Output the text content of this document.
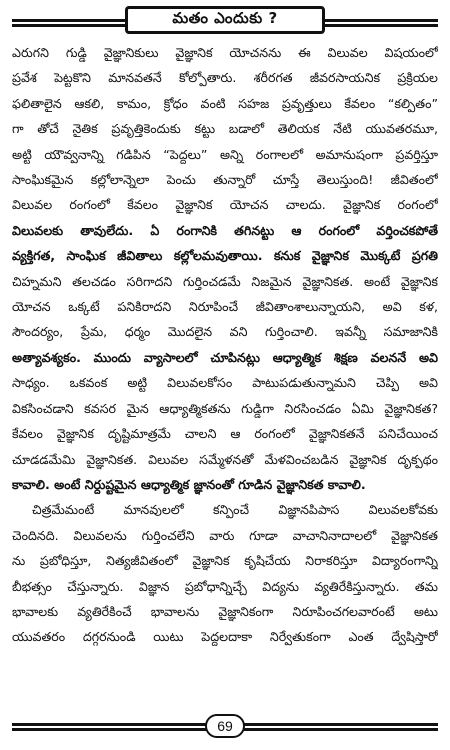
మతం ఎందుకు ?
ఎరుగని గుడ్డి వైజ్ఞానికులు వైజ్ఞానిక యోచనను ఈ విలువల విషయంలో
ప్రవేశ పెట్టకొని మానవతనే కోల్పోతారు. శరీరగత జీవరసాయనిక ప్రక్రియల
ఫలితాలైన ఆకలి, కామం, క్రోధం వంటి సహజ ప్రవృత్తులు కేవలం “కల్పితం”
గా తోచే నైతిక ప్రవృత్తికెందుకు కట్టు బడాలో తెలియక నేటి యువతరమూ,
అట్టి యౌవ్వనాన్ని గడిపిన “పెద్దలు” అన్ని రంగాలలో అమానుషంగా ప్రవర్తిస్తూ
సాంఘికమైన కల్లోలాన్నెలా పెంచు తున్నారో చూస్తే తెలుస్తుంది! జీవితంలో
విలువల రంగంలో కేవలం వైజ్ఞానిక యోచన చాలదు. వైజ్ఞానిక రంగంలో
విలువలకు తావులేదు. ఏ రంగానికి తగినట్టు ఆ రంగంలో వర్తించకపోతే
వ్యక్తిగత, సాంఘిక జీవితాలు కల్లోలమవుతాయి. కనుక వైజ్ఞానిక మొక్కటే ప్రగతి
చిహ్నమని తలచడం సరిగాదని గుర్తించడమే నిజమైన వైజ్ఞానికత. అంటే వైజ్ఞానిక
యోచన ఒక్కటే పనికిరాదని నిరూపించే జీవితాంశాలున్నాయని, అవి కళ,
సౌందర్యం, ప్రేమ, ధర్మం మొదలైన వని గుర్తించాలి. ఇవన్నీ సమాజానికి
అత్యావశ్యకం. ముందు వ్యాసాలలో చూపినట్లు ఆధ్యాత్మిక శిక్షణ వలననే అవి
సాధ్యం. ఒకవంక అట్టి విలువలకోసం పాటుపడుతున్నామని చెప్పి అవి
వికసించడాని కవసర మైన ఆధ్యాత్మికతను గుడ్డిగా నిరసించడం ఏమి వైజ్ఞానికత?
కేవలం వైజ్ఞానిక దృష్టిమాత్రమే చాలని ఆ రంగంలో వైజ్ఞానికతనే పనిచేయించ
చూడడమేమి వైజ్ఞానికత. విలువల సమ్మేళనతో మేళవించబడిన వైజ్ఞానిక దృక్పథం
కావాలి. అంటే నిర్దుష్టమైన ఆధ్యాత్మిక జ్ఞానంతో గూడిన వైజ్ఞానికత కావాలి.
చిత్రమేమంటే మానవులలో కన్పించే విజ్ఞానపిపాస విలువలకోవకు
చెందినది. విలువలను గుర్తించలేని వారు గూడా వాచానినాదాలలో వైజ్ఞానికత
ను ప్రబోధిస్తూ, నిత్యజీవితంలో వైజ్ఞానిక కృషిచేయ నిరాకరిస్తూ విద్యారంగాన్ని
బీభత్సం చేస్తున్నారు. విజ్ఞాన ప్రబోధాన్నిచ్చే విద్యను వ్యతిరేకిస్తున్నారు. తమ
భావాలకు వ్యతిరేకించే భావాలను వైజ్ఞానికంగా నిరూపించగలవారంటే అటు
యువతరం దగ్గరనుండి యిటు పెద్దలదాకా నిర్వేతుకంగా ఎంత ద్వేషిస్తారో
69
